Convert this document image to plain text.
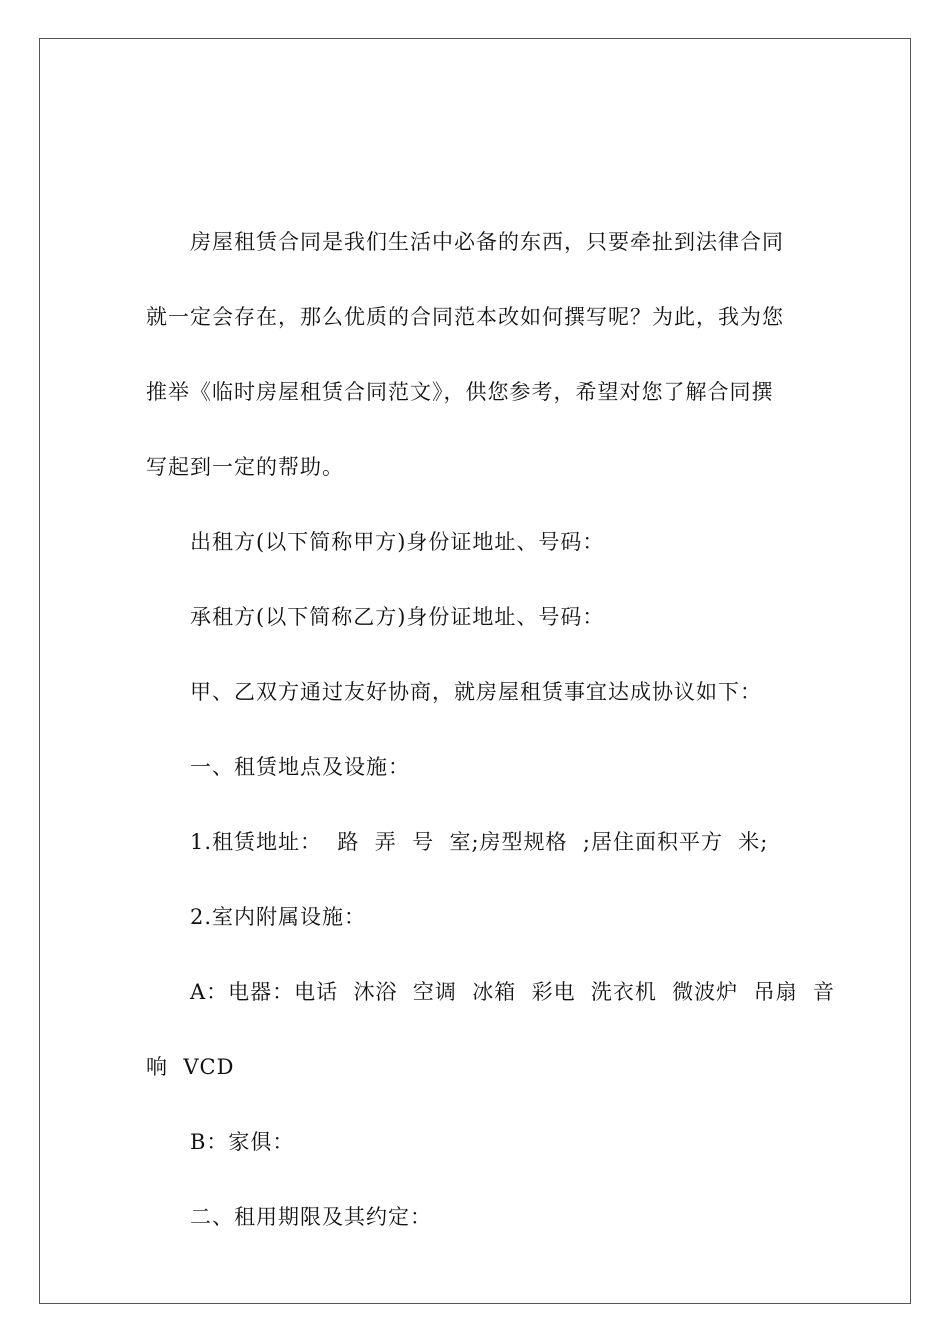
房屋租赁合同是我们生活中必备的东西，只要牵扯到法律合同
就一定会存在，那么优质的合同范本改如何撰写呢？为此，我为您
推举《临时房屋租赁合同范文》，供您参考，希望对您了解合同撰
写起到一定的帮助。
出租方(以下简称甲方)身份证地址、号码：
承租方(以下简称乙方)身份证地址、号码：
甲、乙双方通过友好协商，就房屋租赁事宜达成协议如下：
一、租赁地点及设施：
1.租赁地址：  路  弄  号  室;房型规格  ;居住面积平方  米;
2.室内附属设施：
A：电器：电话  沐浴  空调  冰箱  彩电  洗衣机  微波炉  吊扇  音
响  VCD
B：家俱：
二、租用期限及其约定：
